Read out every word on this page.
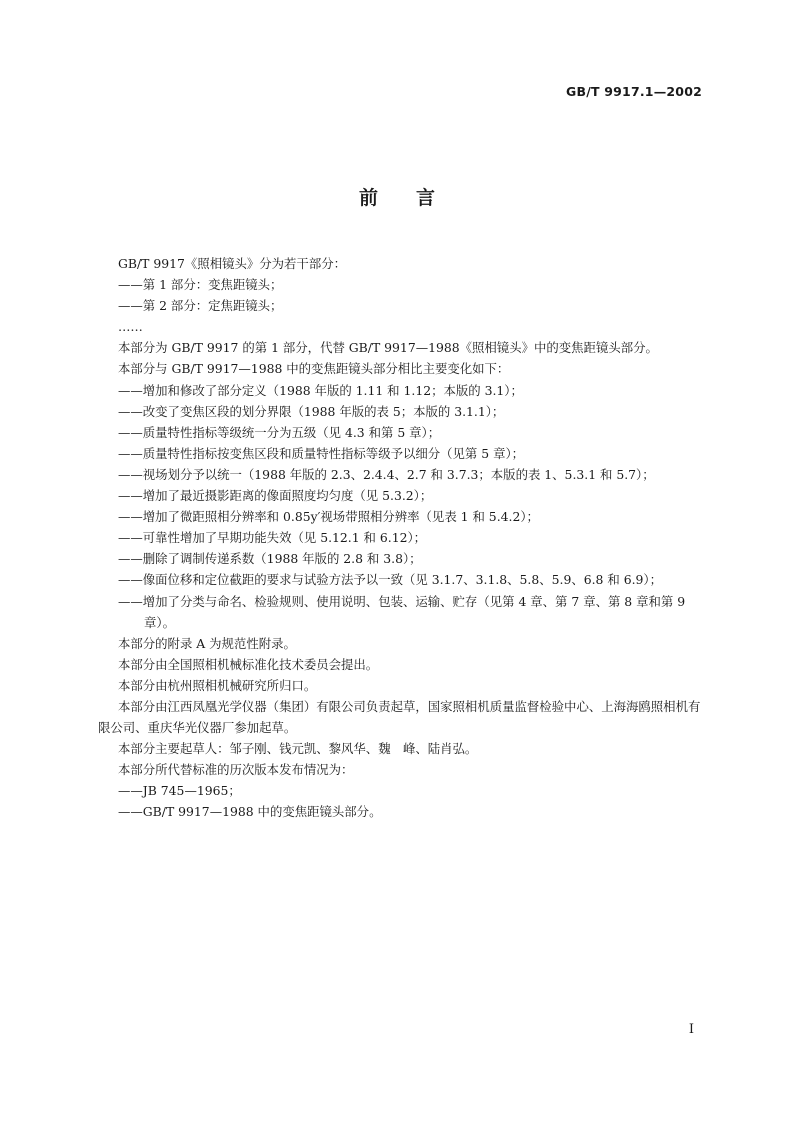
GB/T 9917.1—2002
前言
GB/T 9917《照相镜头》分为若干部分：
——第 1 部分：变焦距镜头；
——第 2 部分：定焦距镜头；
……
本部分为 GB/T 9917 的第 1 部分，代替 GB/T 9917—1988《照相镜头》中的变焦距镜头部分。
本部分与 GB/T 9917—1988 中的变焦距镜头部分相比主要变化如下：
——增加和修改了部分定义（1988 年版的 1.11 和 1.12；本版的 3.1）；
——改变了变焦区段的划分界限（1988 年版的表 5；本版的 3.1.1）；
——质量特性指标等级统一分为五级（见 4.3 和第 5 章）；
——质量特性指标按变焦区段和质量特性指标等级予以细分（见第 5 章）；
——视场划分予以统一（1988 年版的 2.3、2.4.4、2.7 和 3.7.3；本版的表 1、5.3.1 和 5.7）；
——增加了最近摄影距离的像面照度均匀度（见 5.3.2）；
——增加了微距照相分辨率和 0.85y′视场带照相分辨率（见表 1 和 5.4.2）；
——可靠性增加了早期功能失效（见 5.12.1 和 6.12）；
——删除了调制传递系数（1988 年版的 2.8 和 3.8）；
——像面位移和定位截距的要求与试验方法予以一致（见 3.1.7、3.1.8、5.8、5.9、6.8 和 6.9）；
——增加了分类与命名、检验规则、使用说明、包装、运输、贮存（见第 4 章、第 7 章、第 8 章和第 9 章）。
本部分的附录 A 为规范性附录。
本部分由全国照相机械标准化技术委员会提出。
本部分由杭州照相机械研究所归口。
本部分由江西凤凰光学仪器（集团）有限公司负责起草，国家照相机质量监督检验中心、上海海鸥照相机有限公司、重庆华光仪器厂参加起草。
本部分主要起草人：邹子刚、钱元凯、黎风华、魏　峰、陆肖弘。
本部分所代替标准的历次版本发布情况为：
——JB 745—1965；
——GB/T 9917—1988 中的变焦距镜头部分。
I
